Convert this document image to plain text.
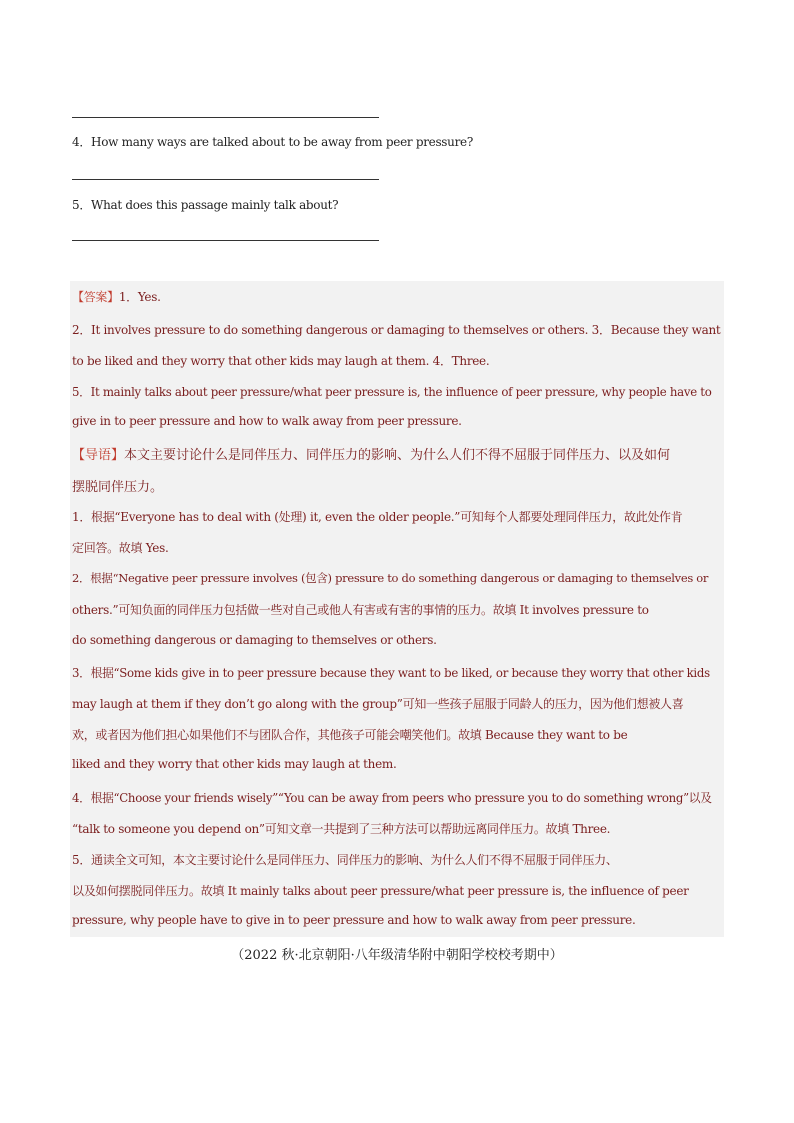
4．How many ways are talked about to be away from peer pressure?
5．What does this passage mainly talk about?
【答案】1．Yes.
2．It involves pressure to do something dangerous or damaging to themselves or others. 3．Because they want
to be liked and they worry that other kids may laugh at them. 4．Three.
5．It mainly talks about peer pressure/what peer pressure is, the influence of peer pressure, why people have to
give in to peer pressure and how to walk away from peer pressure.
【导语】本文主要讨论什么是同伴压力、同伴压力的影响、为什么人们不得不屈服于同伴压力、以及如何
摆脱同伴压力。
1．根据“Everyone has to deal with (处理) it, even the older people.”可知每个人都要处理同伴压力，故此处作肯
定回答。故填 Yes.
2．根据“Negative peer pressure involves (包含) pressure to do something dangerous or damaging to themselves or
others.”可知负面的同伴压力包括做一些对自己或他人有害或有害的事情的压力。故填 It involves pressure to
do something dangerous or damaging to themselves or others.
3．根据“Some kids give in to peer pressure because they want to be liked, or because they worry that other kids
may laugh at them if they don’t go along with the group”可知一些孩子屈服于同龄人的压力，因为他们想被人喜
欢，或者因为他们担心如果他们不与团队合作，其他孩子可能会嘲笑他们。故填 Because they want to be
liked and they worry that other kids may laugh at them.
4．根据“Choose your friends wisely”“You can be away from peers who pressure you to do something wrong”以及
“talk to someone you depend on”可知文章一共提到了三种方法可以帮助远离同伴压力。故填 Three.
5．通读全文可知，本文主要讨论什么是同伴压力、同伴压力的影响、为什么人们不得不屈服于同伴压力、
以及如何摆脱同伴压力。故填 It mainly talks about peer pressure/what peer pressure is, the influence of peer
pressure, why people have to give in to peer pressure and how to walk away from peer pressure.
（2022 秋·北京朝阳·八年级清华附中朝阳学校校考期中）
